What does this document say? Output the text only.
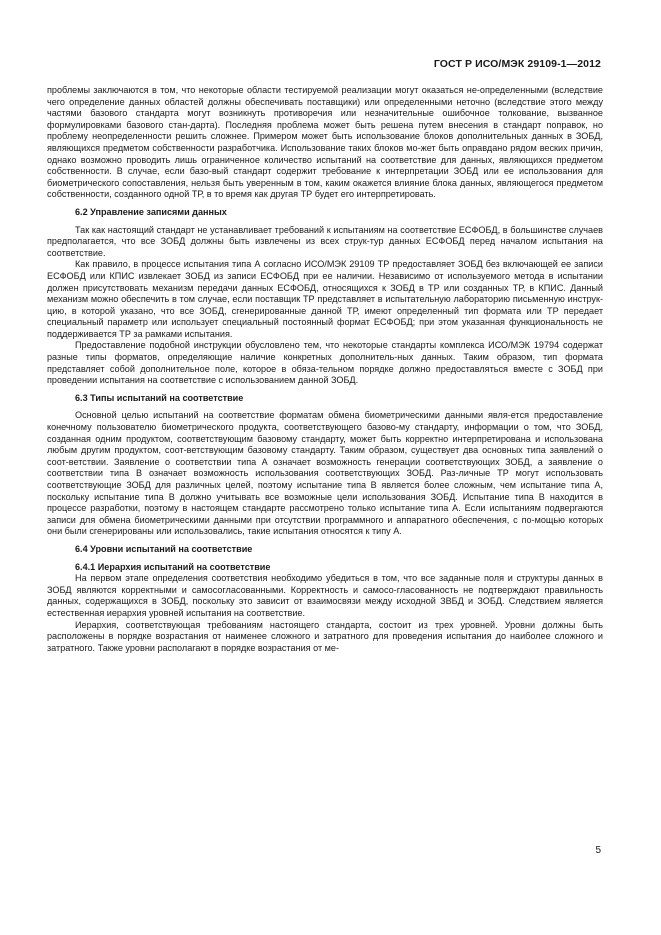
ГОСТ Р ИСО/МЭК 29109-1—2012

проблемы заключаются в том, что некоторые области тестируемой реализации могут оказаться не-определенными (вследствие чего определение данных областей должны обеспечивать поставщики) или определенными неточно (вследствие этого между частями базового стандарта могут возникнуть противоречия или незначительные ошибочное толкование, вызванное формулировками базового стан-дарта). Последняя проблема может быть решена путем внесения в стандарт поправок, но проблему неопределенности решить сложнее. Примером может быть использование блоков дополнительных данных в ЗОБД, являющихся предметом собственности разработчика. Использование таких блоков мо-жет быть оправдано рядом веских причин, однако возможно проводить лишь ограниченное количество испытаний на соответствие для данных, являющихся предметом собственности. В случае, если базо-вый стандарт содержит требование к интерпретации ЗОБД или ее использования для биометрического сопоставления, нельзя быть уверенным в том, каким окажется влияние блока данных, являющегося предметом собственности, созданного одной ТР, в то время как другая ТР будет его интерпретировать.

6.2 Управление записями данных

Так как настоящий стандарт не устанавливает требований к испытаниям на соответствие ЕСФОБД, в большинстве случаев предполагается, что все ЗОБД должны быть извлечены из всех струк-тур данных ЕСФОБД перед началом испытания на соответствие.

Как правило, в процессе испытания типа А согласно ИСО/МЭК 29109 ТР предоставляет ЗОБД без включающей ее записи ЕСФОБД или КПИС извлекает ЗОБД из записи ЕСФОБД при ее наличии. Независимо от используемого метода в испытании должен присутствовать механизм передачи данных ЕСФОБД, относящихся к ЗОБД в ТР или созданных ТР, в КПИС. Данный механизм можно обеспечить в том случае, если поставщик ТР представляет в испытательную лабораторию письменную инструк-цию, в которой указано, что все ЗОБД, сгенерированные данной ТР, имеют определенный тип формата или ТР передает специальный параметр или использует специальный постоянный формат ЕСФОБД; при этом указанная функциональность не поддерживается ТР за рамками испытания.

Предоставление подобной инструкции обусловлено тем, что некоторые стандарты комплекса ИСО/МЭК 19794 содержат разные типы форматов, определяющие наличие конкретных дополнитель-ных данных. Таким образом, тип формата представляет собой дополнительное поле, которое в обяза-тельном порядке должно предоставляться вместе с ЗОБД при проведении испытания на соответствие с использованием данной ЗОБД.

6.3 Типы испытаний на соответствие

Основной целью испытаний на соответствие форматам обмена биометрическими данными явля-ется предоставление конечному пользователю биометрического продукта, соответствующего базово-му стандарту, информации о том, что ЗОБД, созданная одним продуктом, соответствующим базовому стандарту, может быть корректно интерпретирована и использована любым другим продуктом, соот-ветствующим базовому стандарту. Таким образом, существует два основных типа заявлений о соот-ветствии. Заявление о соответствии типа А означает возможность генерации соответствующих ЗОБД, а заявление о соответствии типа В означает возможность использования соответствующих ЗОБД. Раз-личные ТР могут использовать соответствующие ЗОБД для различных целей, поэтому испытание типа В является более сложным, чем испытание типа А, поскольку испытание типа В должно учитывать все возможные цели использования ЗОБД. Испытание типа В находится в процессе разработки, поэтому в настоящем стандарте рассмотрено только испытание типа А. Если испытаниям подвергаются записи для обмена биометрическими данными при отсутствии программного и аппаратного обеспечения, с по-мощью которых они были сгенерированы или использовались, такие испытания относятся к типу А.

6.4 Уровни испытаний на соответствие
6.4.1 Иерархия испытаний на соответствие

На первом этапе определения соответствия необходимо убедиться в том, что все заданные поля и структуры данных в ЗОБД являются корректными и самосогласованными. Корректность и самосо-гласованность не подтверждают правильность данных, содержащихся в ЗОБД, поскольку это зависит от взаимосвязи между исходной ЗВБД и ЗОБД. Следствием является естественная иерархия уровней испытания на соответствие.

Иерархия, соответствующая требованиям настоящего стандарта, состоит из трех уровней. Уровни должны быть расположены в порядке возрастания от наименее сложного и затратного для проведения испытания до наиболее сложного и затратного. Также уровни располагают в порядке возрастания от ме-

5
